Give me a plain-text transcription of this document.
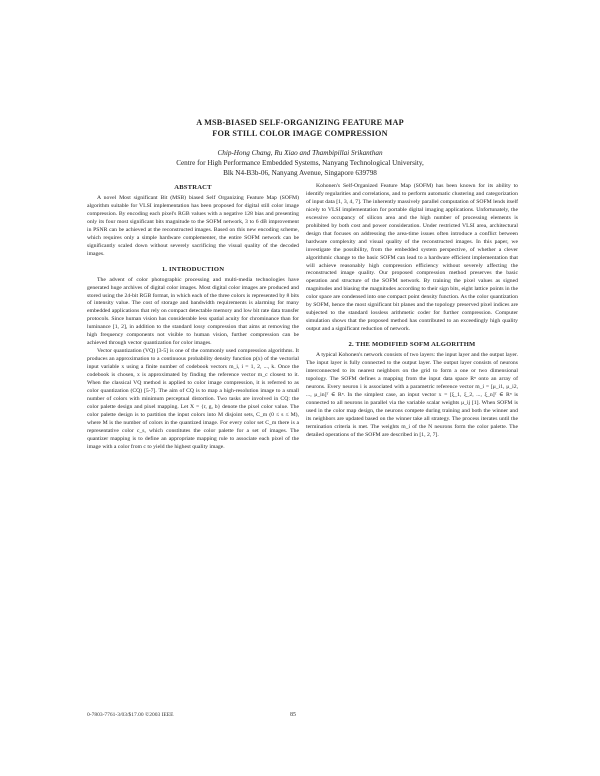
A MSB-BIASED SELF-ORGANIZING FEATURE MAP
FOR STILL COLOR IMAGE COMPRESSION
Chip-Hong Chang, Ru Xiao and Thambipillai Srikanthan
Centre for High Performance Embedded Systems, Nanyang Technological University,
Blk N4-B3b-06, Nanyang Avenue, Singapore 639798
ABSTRACT

A novel Most significant Bit (MSB) biased Self Organizing Feature Map (SOFM) algorithm suitable for VLSI implementation has been proposed for digital still color image compression. By encoding each pixel's RGB values with a negative 128 bias and presenting only its four most significant bits magnitude to the SOFM network, 3 to 6 dB improvement in PSNR can be achieved at the reconstructed images. Based on this new encoding scheme, which requires only a simple hardware complementer, the entire SOFM network can be significantly scaled down without severely sacrificing the visual quality of the decoded images.

1. INTRODUCTION

The advent of color photographic processing and multi-media technologies have generated huge archives of digital color images. Most digital color images are produced and stored using the 24-bit RGB format, in which each of the three colors is represented by 8 bits of intensity value. The cost of storage and bandwidth requirements is alarming for many embedded applications that rely on compact detectable memory and low bit rate data transfer protocols. Since human vision has considerable less spatial acuity for chrominance than for luminance [1, 2], in addition to the standard lossy compression that aims at removing the high frequency components not visible to human vision, further compression can be achieved through vector quantization for color images.

Vector quantization (VQ) [3-5] is one of the commonly used compression algorithms. It produces an approximation to a continuous probability density function p(x) of the vectorial input variable x using a finite number of codebook vectors m_i, i = 1, 2, ..., k. Once the codebook is chosen, x is approximated by finding the reference vector m_c closest to it. When the classical VQ method is applied to color image compression, it is referred to as color quantization (CQ) [5-7]. The aim of CQ is to map a high-resolution image to a small number of colors with minimum perceptual distortion. Two tasks are involved in CQ: the color palette design and pixel mapping. Let X = {r, g, b} denote the pixel color value. The color palette design is to partition the input colors into M disjoint sets, C_m (0 ≤ s ≤ M), where M is the number of colors in the quantized image. For every color set C_m there is a representative color c_s, which constitutes the color palette for a set of images. The quantizer mapping is to define an appropriate mapping rule to associate each pixel of the image with a color from c to yield the highest quality image.

Kohonen's Self-Organized Feature Map (SOFM) has been known for its ability to identify regularities and correlations, and to perform automatic clustering and categorization of input data [1, 3, 4, 7]. The inherently massively parallel computation of SOFM lends itself nicely to VLSI implementation for portable digital imaging applications. Unfortunately, the excessive occupancy of silicon area and the high number of processing elements is prohibited by both cost and power consideration. Under restricted VLSI area, architectural design that focuses on addressing the area-time issues often introduce a conflict between hardware complexity and visual quality of the reconstructed images. In this paper, we investigate the possibility, from the embedded system perspective, of whether a clever algorithmic change to the basic SOFM can lead to a hardware efficient implementation that will achieve reasonably high compression efficiency without severely affecting the reconstructed image quality. Our proposed compression method preserves the basic operation and structure of the SOFM network. By training the pixel values as signed magnitudes and biasing the magnitudes according to their sign bits, eight lattice points in the color space are condensed into one compact point density function. As the color quantization by SOFM, hence the most significant bit planes and the topology preserved pixel indices are subjected to the standard lossless arithmetic coder for further compression. Computer simulation shows that the proposed method has contributed to an exceedingly high quality output and a significant reduction of network.

2. THE MODIFIED SOFM ALGORITHM

A typical Kohonen's network consists of two layers: the input layer and the output layer. The input layer is fully connected to the output layer. The output layer consists of neurons interconnected to its nearest neighbors on the grid to form a one or two dimensional topology. The SOFM defines a mapping from the input data space Rⁿ onto an array of neurons. Every neuron i is associated with a parametric reference vector m_i = [μ_i1, μ_i2, ..., μ_in]ᵀ ∈ Rⁿ. In the simplest case, an input vector x = [ξ_1, ξ_2, ..., ξ_n]ᵀ ∈ Rⁿ is connected to all neurons in parallel via the variable scalar weights μ_ij [1]. When SOFM is used in the color map design, the neurons compete during training and both the winner and its neighbors are updated based on the winner take all strategy. The process iterates until the termination criteria is met. The weights m_i of the N neurons form the color palette. The detailed operations of the SOFM are described in [1, 2, 7].

0-7803-7761-3/03/$17.00 ©2003 IEEE	85
